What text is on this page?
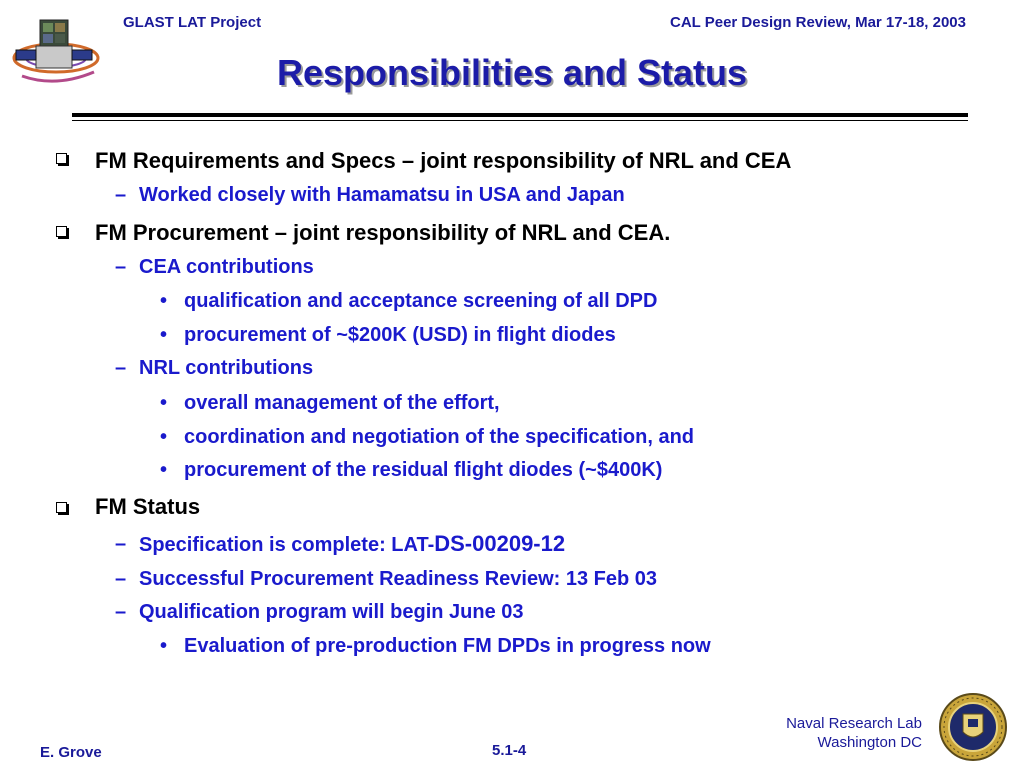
GLAST LAT Project	CAL Peer Design Review, Mar 17-18, 2003
Responsibilities and Status
FM Requirements and Specs – joint responsibility of NRL and CEA
– Worked closely with Hamamatsu in USA and Japan
FM Procurement – joint responsibility of NRL and CEA.
– CEA contributions
• qualification and acceptance screening of all DPD
• procurement of ~$200K (USD) in flight diodes
– NRL contributions
• overall management of the effort,
• coordination and negotiation of the specification, and
• procurement of the residual flight diodes (~$400K)
FM Status
– Specification is complete: LAT-DS-00209-12
– Successful Procurement Readiness Review: 13 Feb 03
– Qualification program will begin June 03
• Evaluation of pre-production FM DPDs in progress now
E. Grove	5.1-4
Naval Research Lab
Washington DC
